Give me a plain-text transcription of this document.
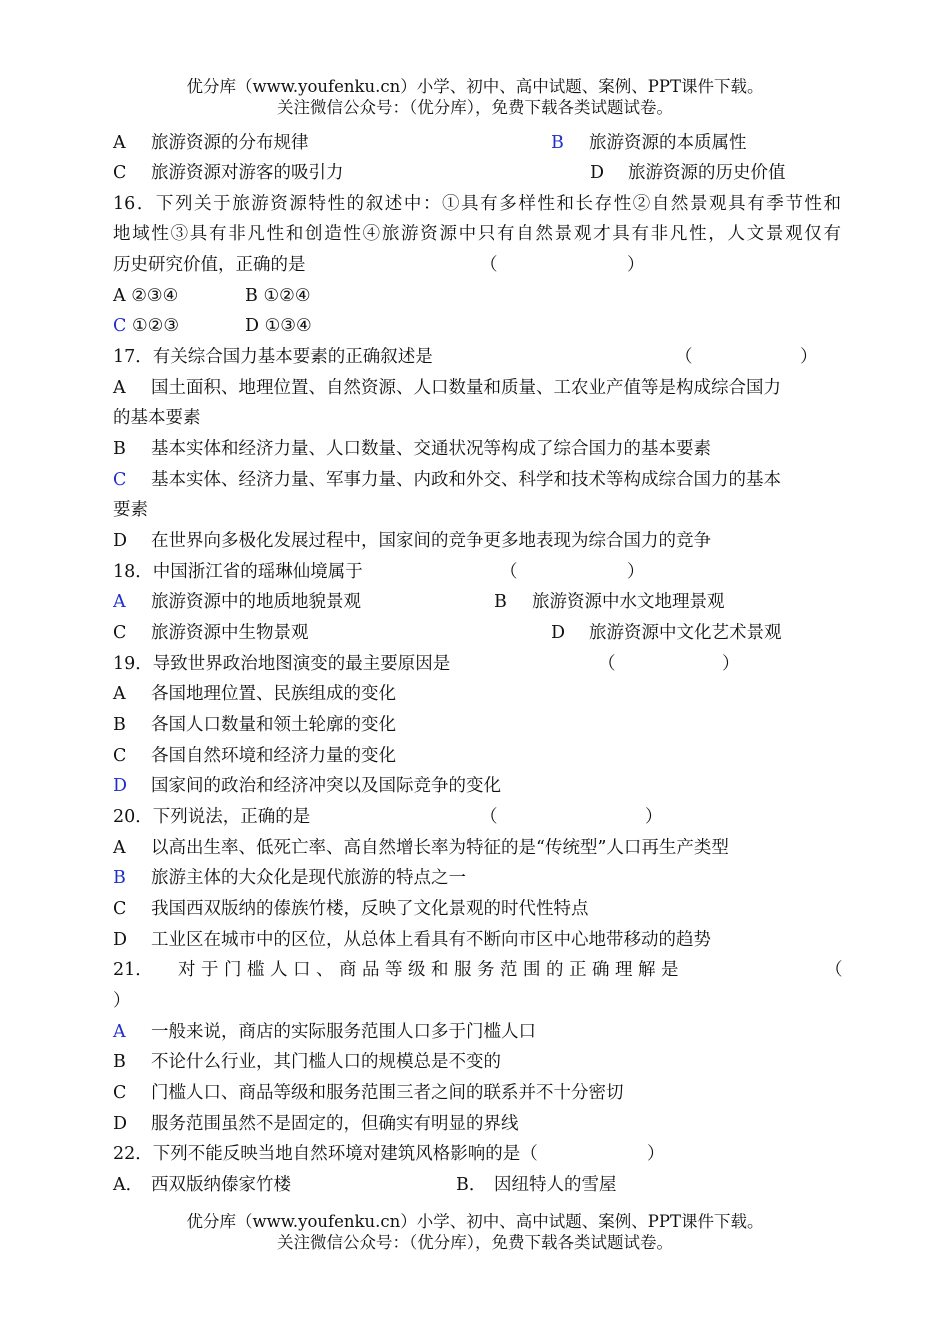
优分库（www.youfenku.cn）小学、初中、高中试题、案例、PPT课件下载。
关注微信公众号：（优分库），免费下载各类试题试卷。
A 旅游资源的分布规律	B 旅游资源的本质属性
C 旅游资源对游客的吸引力	D 旅游资源的历史价值
16．下列关于旅游资源特性的叙述中：①具有多样性和长存性②自然景观具有季节性和
地域性③具有非凡性和创造性④旅游资源中只有自然景观才具有非凡性，人文景观仅有
历史研究价值，正确的是	（	）
A ②③④	B ①②④
C ①②③	D ①③④
17．有关综合国力基本要素的正确叙述是	（	）
A 国土面积、地理位置、自然资源、人口数量和质量、工农业产值等是构成综合国力
的基本要素
B 基本实体和经济力量、人口数量、交通状况等构成了综合国力的基本要素
C 基本实体、经济力量、军事力量、内政和外交、科学和技术等构成综合国力的基本
要素
D 在世界向多极化发展过程中，国家间的竞争更多地表现为综合国力的竞争
18．中国浙江省的瑶琳仙境属于	（	）
A 旅游资源中的地质地貌景观	B 旅游资源中水文地理景观
C 旅游资源中生物景观	D 旅游资源中文化艺术景观
19．导致世界政治地图演变的最主要原因是	（	）
A 各国地理位置、民族组成的变化
B 各国人口数量和领土轮廓的变化
C 各国自然环境和经济力量的变化
D 国家间的政治和经济冲突以及国际竞争的变化
20．下列说法，正确的是	（	）
A 以高出生率、低死亡率、高自然增长率为特征的是“传统型”人口再生产类型
B 旅游主体的大众化是现代旅游的特点之一
C 我国西双版纳的傣族竹楼，反映了文化景观的时代性特点
D 工业区在城市中的区位，从总体上看具有不断向市区中心地带移动的趋势
21． 对于门槛人口、商品等级和服务范围的正确理解是	（
）
A 一般来说，商店的实际服务范围人口多于门槛人口
B 不论什么行业，其门槛人口的规模总是不变的
C 门槛人口、商品等级和服务范围三者之间的联系并不十分密切
D 服务范围虽然不是固定的，但确实有明显的界线
22．下列不能反映当地自然环境对建筑风格影响的是（	）
A． 西双版纳傣家竹楼	B． 因纽特人的雪屋
优分库（www.youfenku.cn）小学、初中、高中试题、案例、PPT课件下载。
关注微信公众号：（优分库），免费下载各类试题试卷。
